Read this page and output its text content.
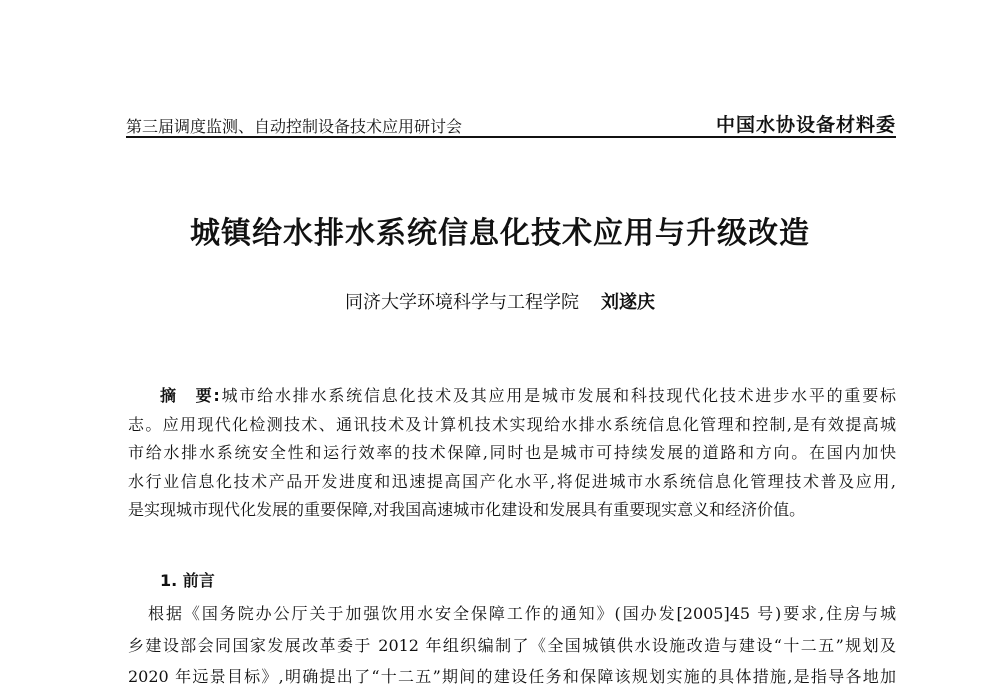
第三届调度监测、自动控制设备技术应用研讨会	中国水协设备材料委
城镇给水排水系统信息化技术应用与升级改造
同济大学环境科学与工程学院 刘遂庆
摘　要:城市给水排水系统信息化技术及其应用是城市发展和科技现代化技术进步水平的重要标
志。应用现代化检测技术、通讯技术及计算机技术实现给水排水系统信息化管理和控制,是有效提高城
市给水排水系统安全性和运行效率的技术保障,同时也是城市可持续发展的道路和方向。在国内加快
水行业信息化技术产品开发进度和迅速提高国产化水平,将促进城市水系统信息化管理技术普及应用,
是实现城市现代化发展的重要保障,对我国高速城市化建设和发展具有重要现实意义和经济价值。
1. 前言
根据《国务院办公厅关于加强饮用水安全保障工作的通知》(国办发[2005]45 号)要求,住房与城
乡建设部会同国家发展改革委于 2012 年组织编制了《全国城镇供水设施改造与建设“十二五”规划及
2020 年远景目标》,明确提出了“十二五”期间的建设任务和保障该规划实施的具体措施,是指导各地加
